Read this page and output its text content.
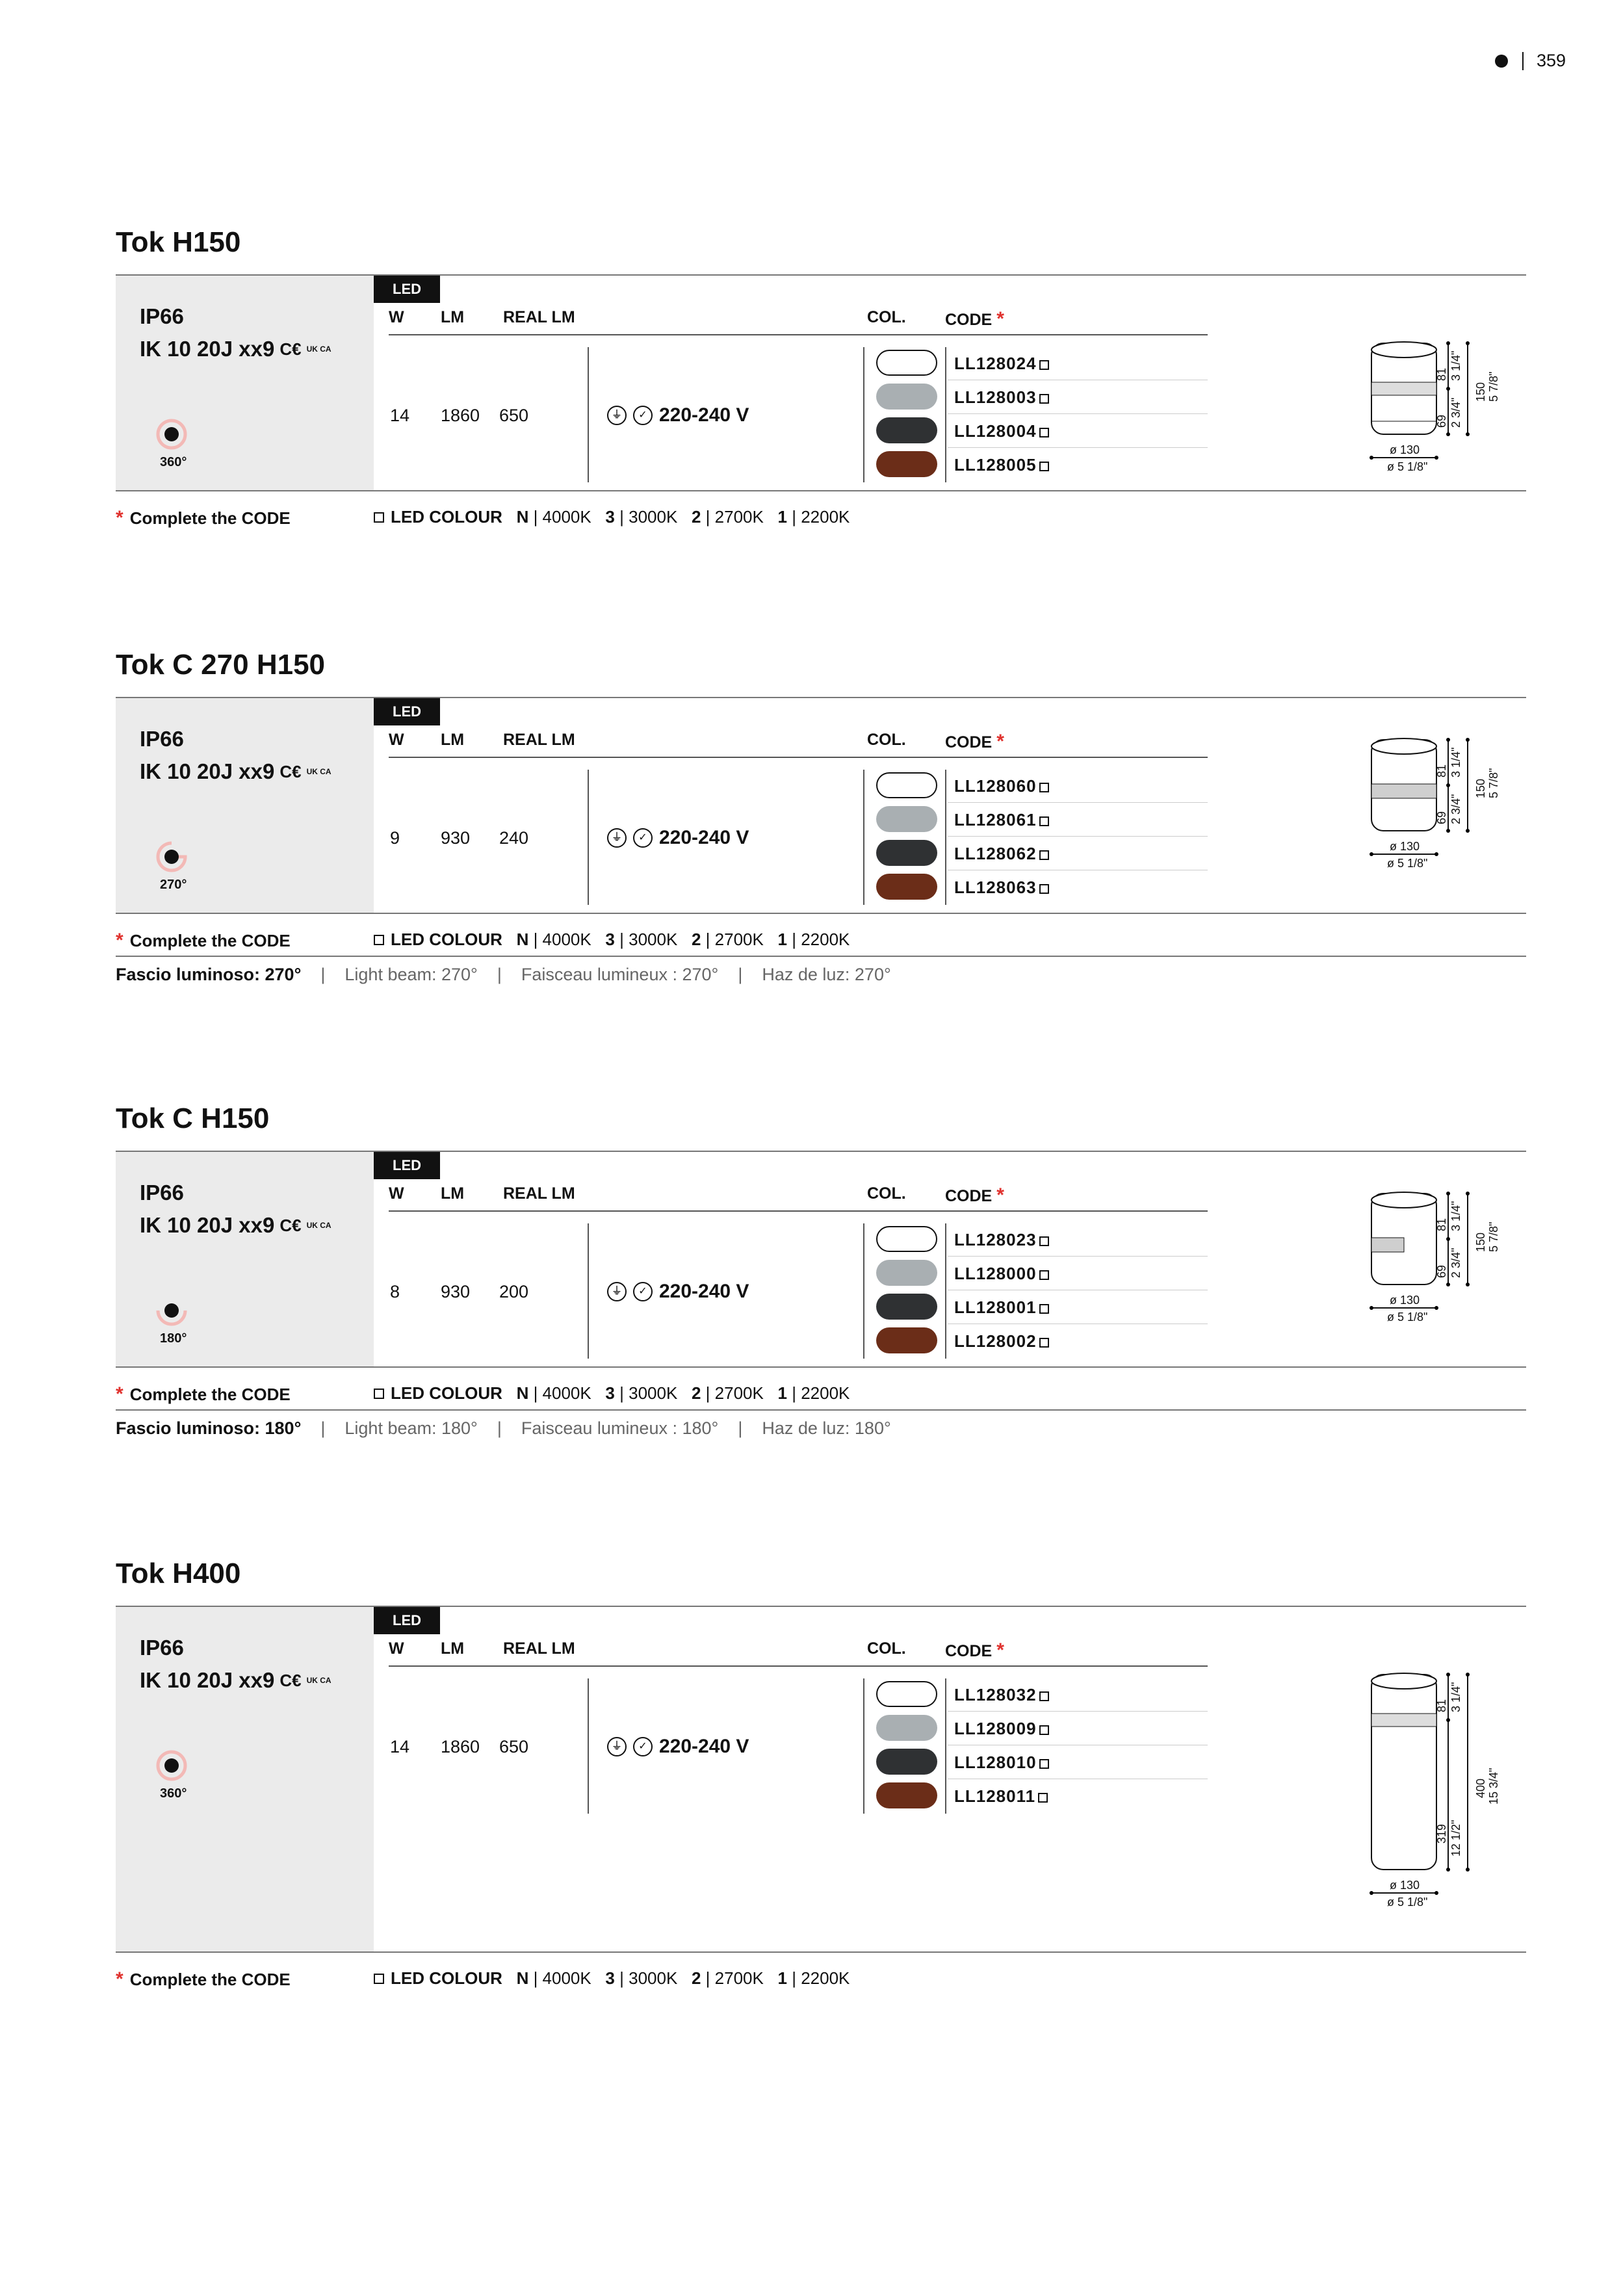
359
Tok H150
IP66
IK 10 20J xx9 C€ UK CA
360°
LED
W LM REAL LM	COL. CODE *
14 1860 650	⏚	✓ 220-240 V
LL128024
LL128003
LL128004
LL128005
ø 130
ø 5 1/8"
81 3 1/4"
69 2 3/4"
150 5 7/8"
* Complete the CODE	LED COLOUR
N
| 4000K
3
| 3000K
2
| 2700K
1
| 2200K
Tok C 270 H150
IP66
IK 10 20J xx9 C€ UK CA
270°
LED
W LM REAL LM	COL. CODE *
9 930 240	⏚	✓ 220-240 V
LL128060
LL128061
LL128062
LL128063
ø 130
ø 5 1/8"
81 3 1/4"
69 2 3/4"
150 5 7/8"
* Complete the CODE	LED COLOUR
N
| 4000K
3
| 3000K
2
| 2700K
1
| 2200K
Fascio luminoso: 270° | Light beam: 270° | Faisceau lumineux : 270° | Haz de luz: 270°
Tok C H150
IP66
IK 10 20J xx9 C€ UK CA
180°
LED
W LM REAL LM	COL. CODE *
8 930 200	⏚	✓ 220-240 V
LL128023
LL128000
LL128001
LL128002
ø 130
ø 5 1/8"
81 3 1/4"
69 2 3/4"
150 5 7/8"
* Complete the CODE	LED COLOUR
N
| 4000K
3
| 3000K
2
| 2700K
1
| 2200K
Fascio luminoso: 180° | Light beam: 180° | Faisceau lumineux : 180° | Haz de luz: 180°
Tok H400
IP66
IK 10 20J xx9 C€ UK CA
360°
LED
W LM REAL LM	COL. CODE *
14 1860 650	⏚	✓ 220-240 V
LL128032
LL128009
LL128010
LL128011
ø 130
ø 5 1/8"
81 3 1/4"
319 12 1/2"
400 15 3/4"
* Complete the CODE	LED COLOUR
N
| 4000K
3
| 3000K
2
| 2700K
1
| 2200K
